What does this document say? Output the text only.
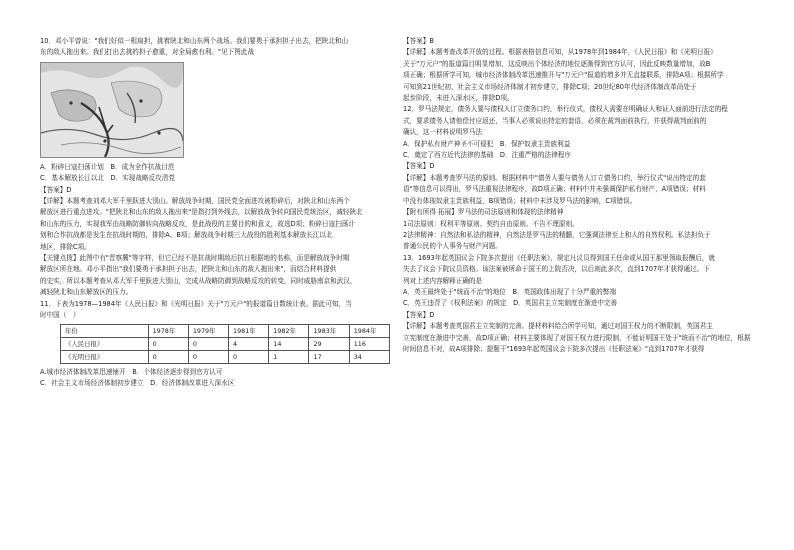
10．邓小平曾说："我们好似一根扁担，挑着陕北和山东两个战场。我们要勇于承担担子出去，把陕北和山
东的敌人拖出来。我们打出去挑的担子愈重，对全局愈有利。"见下图此战
A．粉碎日寇扫荡计划　B．成为全作抗战目范
C．基本解放长江以北　D．实现战略反攻清党
【答案】D
【详解】本题考查刘邓大军千里跃进大别山。解放战争时期，国民党全面进攻被粉碎后，对陕北和山东两个
解放区进行重点进攻。"把陕北和山东的敌人拖出来"是指打到外线去，以解放战争转向国民党统治区，减轻陕北
和山东的压力，实现我军由战略防御转向战略反攻，是此战役的主要目的和意义，故选D项；粉碎日寇扫荡计
划和合作抗战都是发生在抗战时期的，排除A、B项；解放战争时期三大战役的胜利基本解放长江以北
地区，排除C项。
【关键点拨】此图中有"晋察冀"等字样，但它已经不是抗战时期敌后抗日根据地的名称，而是解放战争时期
解放区所在地。邓小平指出"我们要勇于承担担子出去，把陕北和山东的敌人拖出来"，而结合材料提供
的史实，所以本题考查从邓大军千里跃进大别山，完成从战略防御到战略反攻的转变，同时威胁南京和武汉，
减轻陕北和山东解放区的压力。
11．下表为1978—1984年《人民日报》和《光明日报》关于"万元户"的报道篇目数统计表。据此可知，当
时中国（　）
年份	1978年	1979年	1981年	1982年	1983年	1984年
《人民日报》	0	0	4	14	29	116
《光明日报》	0	0	0	1	17	34
A.城市经济体制改革迅速铺开　B．个体经济逐步得到官方认可
C．社会主义市场经济体制初步建立　D．经济体制改革进入深水区
【答案】B
【详解】本题考查改革开放的过程。根据表格信息可知，从1978年到1984年，《人民日报》和《光明日报》
关于"万元户"的报道篇目明显增加，这反映出个体经济的地位逐渐得到官方认可，因此反映数量增加，故B
项正确；根据所学可知，城市经济体制改革迅速推开与"万元户"报道的增多并无直接联系，排除A项；根据所学
可知到21世纪初，社会主义市场经济体制才初步建立，排除C项；20世纪80年代经济体制改革尚处于
起步阶段，未进入深水区，排除D项。
12．罗马法规定，债务人要与债权人订立债务口约，举行仪式，债权人需要在明确证人和证人面前进行法定的程
式，要求债务人请他偿付应返还，当事人必须说出特定的套语，必须在裁判面前执行，并获得裁判面前的
确认，这一材料说明罗马法
A．保护私有财产神圣不可侵犯　B．保护奴隶主贵族利益
C．奠定了西方近代法律的基础　D．注重严格的法律程序
【答案】D
【详解】本题考查罗马法的原则。根据材料中"债务人要与债务人订立债务口约，举行仪式"说出特定的套
语"等信息可以得出，罗马法重视法律程序，故D项正确；材料中并未强调保护私有财产，A项错误；材料
中没有体现奴隶主贵族利益，B项错误；材料中未涉及罗马法的影响，C项错误。
【附有所得 拓展】罗马法的司法原则和体现的法律精神
1司法原则：权利平等原则、契约自由原则、不告不理原则。
2法律精神：自然法和私法的精神，自然法是罗马法的精髓，它强调法律至上和人的自然权利。私法担负于
普通公民的个人事务与财产问题。
13．1693年起英国议会下院多次提出《任职法案》，规定凡议员得到国王任命或从国王那里领取报酬后，就
失去了议会下院议员资格。该法案被所命于国王的上院否决，以后则此多次，直到1707年才获得通过。下
列对上述内容解释正确的是
A．英王最终处于"统而不治"的地位　B．英国政体出现了十分严重的弊端
C．英王违背了《权利法案》的规定　D．英国君主立宪制度在渐进中完善
【答案】D
【详解】本题考查英国君主立宪制的完善。提材料料给合所学可知，通过对国王权力的不断限制，英国君主
立宪制度在渐进中完善，故D项正确；材料主要体现了对国王权力进行限制，不能证明国王处于"统而不治"的地位，根据
时间信息不对，故A项排除；提题干"1693年起英国议会下院多次提出《任职法案》"直到1707年才获得
